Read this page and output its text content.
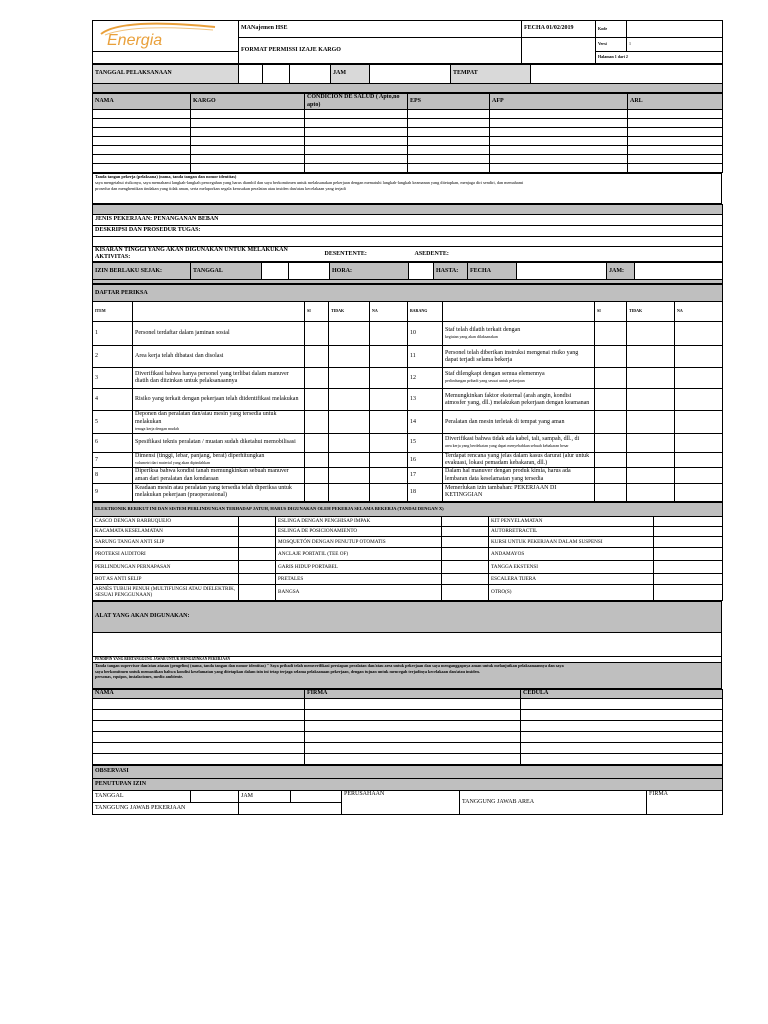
Energia	MANajemen HSE	FECHA 01/02/2019	Kode	
	FORMAT PERMISSI IZAJE KARGO		Versi	1
			Halaman 1 dari 2	
TANGGAL PELAKSANAAN				JAM		TEMPAT	

NAMA	KARGO	CONDICIÓN DE SALUD ( Apto,no apto)	EPS	AFP	ARL

Tanda tangan pekerja (pelaksana) (nama, tanda tangan dan nomor identitas)
saya mengetahui risikonya, saya memahami langkah-langkah pencegahan yang harus diambil dan saya berkomitmen untuk melaksanakan pekerjaan dengan mematuhi langkah-langkah keamanan yang ditetapkan, menjaga diri sendiri, dan memahami
prosedur dan menghentikan tindakan yang tidak aman, serta melaporkan segala kerusakan peralatan atau insiden dan/atau kecelakaan yang terjadi

JENIS PEKERJAAN: PENANGANAN BEBAN
DESKRIPSI DAN PROSEDUR TUGAS:

KISARAN TINGGI YANG AKAN DIGUNAKAN UNTUK MELAKUKAN AKTIVITAS:	DESENTENTE:	ASEDENTE:
IZIN BERLAKU SEJAK:	TANGGAL			HORA:		HASTA:	FECHA		JAM:	

DAFTAR PERIKSA									
ITEM		SI	TIDAK	NA	BARANG		SI	TIDAK	NA
1	Personel terdaftar dalam jaminan sosial				10	Staf telah dilatih terkait dengan
kegiatan yang akan dilaksanakan			
2	Area kerja telah dibatasi dan disolasi				11	Personel telah diberikan instruksi mengenai risiko yang dapat terjadi selama bekerja			
3	Diverifikasi bahwa hanya personel yang terlibat dalam manuver diatih dan diizinkan untuk pelaksanaannya				12	Staf dilengkapi dengan semua elemennya
perlindungan pribadi yang sesuai untuk pekerjaan			
4	Risiko yang terkait dengan pekerjaan telah diidentifikasi melakukan				13	Memungkinkan faktor eksternal (arah angin, kondisi atmosfer yang, dll.) melakukan pekerjaan dengan keamanan			
5	Deponen dan peralatan dan/atau mesin yang tersedia untuk melakukan
tenaga kerja dengan mudah				14	Peralatan dan mesin terletak di tempat yang aman			
6	Spesifikasi teknis peralatan / muatan sudah diketahui memobilisasi				15	Diverifikasi bahwa tidak ada kabel, tali, sampah, dll., di
area kerja yang berdekatan yang dapat menyebabkan sebuah kebakaran besar			
7	Dimensi (tinggi, lebar, panjang, berat) diperhitungkan
volumetri dari material yang akan dipindahkan				16	Terdapat rencana yang jelas dalam kasus darurat (alur untuk evakuasi, lokasi pemadam kebakaran, dll.)			
8	Diperiksa bahwa kondisi tanah memungkinkan sebuah manuver aman dari peralatan dan kendaraan				17	Dalam hal manuver dengan produk kimia, harus ada lembaran data keselamatan yang tersedia			
9	Keadaan mesin atau peralatan yang tersedia telah diperiksa untuk melakukan pekerjaan (praoperasional)				18	Memerlukan izin tambahan: PEKERJAAN DI KETINGGIAN			
ELEKTRONIK BERIKUT INI DAN SISTEM PERLINDUNGAN TERHADAP JATUH, HARUS DIGUNAKAN OLEH PEKERJA SELAMA BEKERJA (TANDAI DENGAN X)					
CASCO DENGAN BARBUQUEJO		ESLINGA DENGAN PENGHISAP IMPAK		KIT PENYELAMATAN	
KACAMATA KESELAMATAN		ESLINGA DE POSICIONAMIENTO		AUTORRETRACTIL	
SARUNG TANGAN ANTI SLIP		MOSQUETÓN DENGAN PENUTUP OTOMATIS		KURSI UNTUK PEKERJAAN DALAM SUSPENSI	
PROTEKSI AUDITORI		ANCLAJE PORTATIL (TEE OF)		ANDAMAYOS	
PERLINDUNGAN PERNAPASAN		GARIS HIDUP PORTABEL		TANGGA EKSTENSI	
BOT AS ANTI SELIP		PRETALES		ESCALERA TIJERA	
ARNÉS TUBUH PENUH (MULTIFUNGSI ATAU DIELEKTRIK, SESUAI PENGGUNAAN)		BANGSA		OTRO(S)	
ALAT YANG AKAN DIGUNAKAN:

PENDIPIN YANG BERTANGGUNG JAWAB UNTUK MENGIZINKAN PEKERJAAN
Tanda tangan supervisor dan/atau atasan (pengelim) (nama, tanda tangan dan nomor identitas) " Saya pribadi telah memverifikasi persiapan peralatan dan/atau area untuk pekerjaan dan saya menganggapnya aman untuk melanjutkan pelaksanaannya dan saya
saya berkomitmen untuk memastikan bahwa kondisi keselamatan yang ditetapkan dalam izin ini tetap terjaga selama pelaksanaan pekerjaan, dengan tujuan untuk mencegah terjadinya kecelakaan dan/atau insiden.
personas, equipos, instalaciones, medio ambiente.
NAMA	FIRMA	CEDULA

OBSERVASI						
PENUTUPAN IZIN						
TANGGAL		JAM		PERUSAHAAN	TANGGUNG JAWAB AREA	FIRMA
TANGGUNG JAWAB PEKERJAAN						
